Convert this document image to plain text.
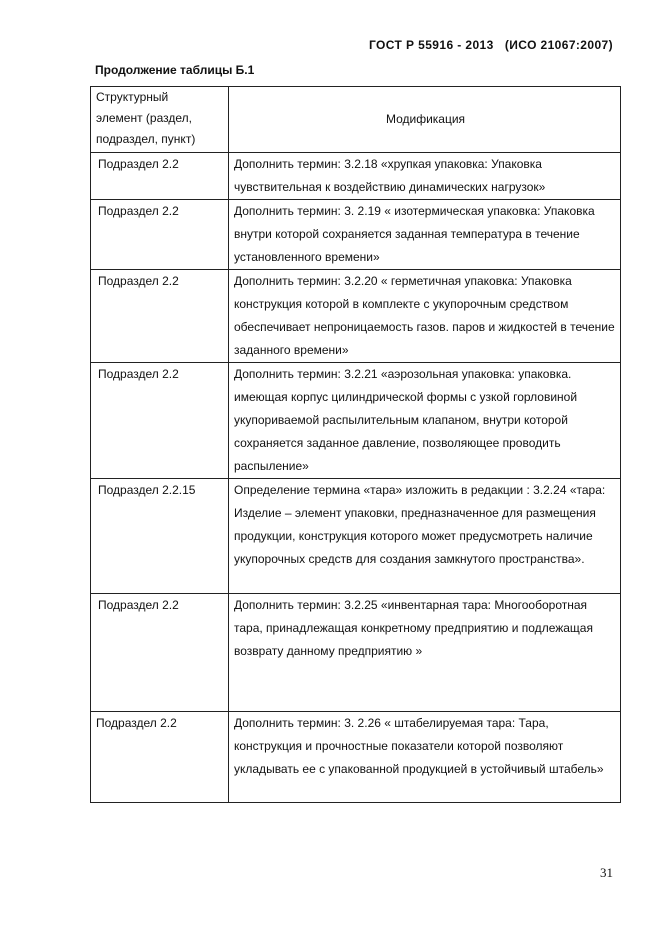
ГОСТ Р 55916 - 2013   (ИСО 21067:2007)
Продолжение таблицы Б.1
Структурный
элемент (раздел,
подраздел, пункт)	Модификация
Подраздел 2.2	Дополнить термин: 3.2.18 «хрупкая упаковка: Упаковка чувствительная к воздействию динамических нагрузок»
Подраздел 2.2	Дополнить термин: 3. 2.19 « изотермическая упаковка: Упаковка внутри которой сохраняется заданная температура в течение установленного времени»
Подраздел 2.2	Дополнить термин: 3.2.20 « герметичная упаковка: Упаковка конструкция которой в комплекте с укупорочным средством обеспечивает непроницаемость газов. паров и жидкостей в течение заданного времени»
Подраздел 2.2	Дополнить термин: 3.2.21 «аэрозольная упаковка: упаковка. имеющая корпус цилиндрической формы с узкой горловиной укупориваемой распылительным клапаном, внутри которой сохраняется заданное давление, позволяющее проводить распыление»
Подраздел 2.2.15	Определение термина «тара» изложить в редакции : 3.2.24 «тара: Изделие – элемент упаковки, предназначенное для размещения продукции, конструкция которого может предусмотреть наличие укупорочных средств для создания замкнутого пространства».
Подраздел 2.2	Дополнить термин: 3.2.25 «инвентарная тара: Многооборотная тара, принадлежащая конкретному предприятию и подлежащая возврату данному предприятию »
Подраздел 2.2	Дополнить термин: 3. 2.26 « штабелируемая тара: Тара, конструкция и прочностные показатели которой позволяют укладывать ее с упакованной продукцией в устойчивый штабель»
31
